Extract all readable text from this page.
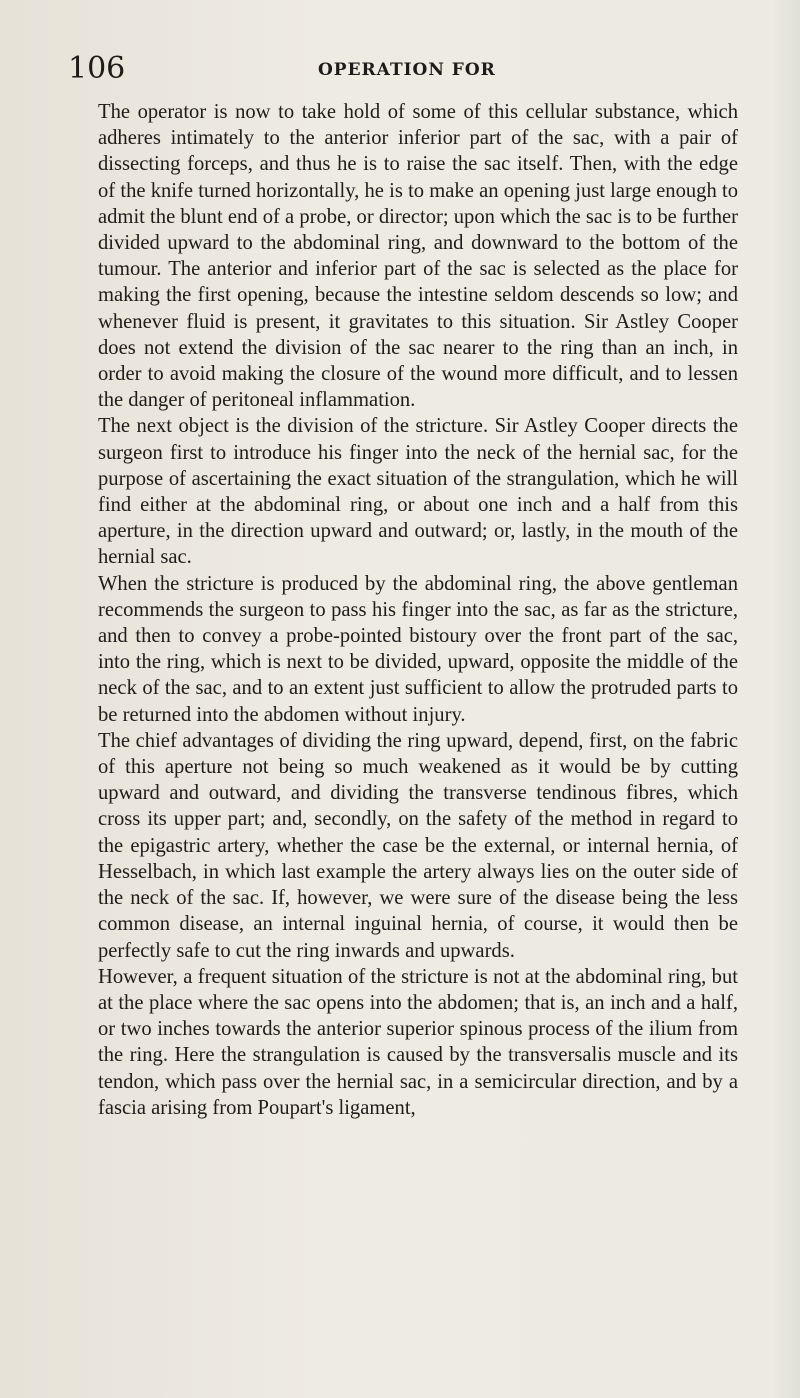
106	OPERATION FOR

The operator is now to take hold of some of this cellular substance, which adheres intimately to the anterior inferior part of the sac, with a pair of dissecting forceps, and thus he is to raise the sac itself. Then, with the edge of the knife turned horizontally, he is to make an opening just large enough to admit the blunt end of a probe, or director; upon which the sac is to be further divided upward to the abdominal ring, and downward to the bottom of the tumour. The anterior and inferior part of the sac is selected as the place for making the first opening, because the intestine seldom descends so low; and whenever fluid is present, it gravitates to this situation. Sir Astley Cooper does not extend the division of the sac nearer to the ring than an inch, in order to avoid making the closure of the wound more difficult, and to lessen the danger of peritoneal inflammation.

The next object is the division of the stricture. Sir Astley Cooper directs the surgeon first to introduce his finger into the neck of the hernial sac, for the purpose of ascertaining the exact situation of the strangulation, which he will find either at the abdominal ring, or about one inch and a half from this aperture, in the direction upward and outward; or, lastly, in the mouth of the hernial sac.

When the stricture is produced by the abdominal ring, the above gentleman recommends the surgeon to pass his finger into the sac, as far as the stricture, and then to convey a probe-pointed bistoury over the front part of the sac, into the ring, which is next to be divided, upward, opposite the middle of the neck of the sac, and to an extent just sufficient to allow the protruded parts to be returned into the abdomen without injury.

The chief advantages of dividing the ring upward, depend, first, on the fabric of this aperture not being so much weakened as it would be by cutting upward and outward, and dividing the transverse tendinous fibres, which cross its upper part; and, secondly, on the safety of the method in regard to the epigastric artery, whether the case be the external, or internal hernia, of Hesselbach, in which last example the artery always lies on the outer side of the neck of the sac. If, however, we were sure of the disease being the less common disease, an internal inguinal hernia, of course, it would then be perfectly safe to cut the ring inwards and upwards.

However, a frequent situation of the stricture is not at the abdominal ring, but at the place where the sac opens into the abdomen; that is, an inch and a half, or two inches towards the anterior superior spinous process of the ilium from the ring. Here the strangulation is caused by the transversalis muscle and its tendon, which pass over the hernial sac, in a semicircular direction, and by a fascia arising from Poupart's ligament,
